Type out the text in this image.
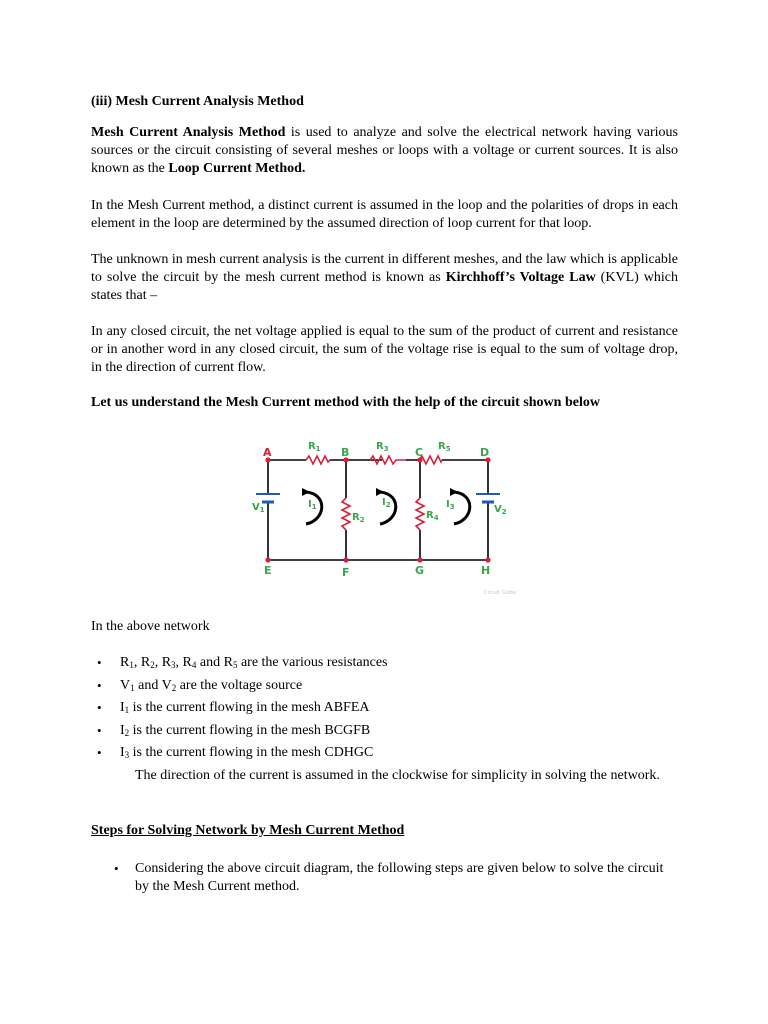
(iii) Mesh Current Analysis Method

Mesh Current Analysis Method is used to analyze and solve the electrical network having various sources or the circuit consisting of several meshes or loops with a voltage or current sources. It is also known as the Loop Current Method.

In the Mesh Current method, a distinct current is assumed in the loop and the polarities of drops in each element in the loop are determined by the assumed direction of loop current for that loop.

The unknown in mesh current analysis is the current in different meshes, and the law which is applicable to solve the circuit by the mesh current method is known as Kirchhoff’s Voltage Law (KVL) which states that –

In any closed circuit, the net voltage applied is equal to the sum of the product of current and resistance or in another word in any closed circuit, the sum of the voltage rise is equal to the sum of voltage drop, in the direction of current flow.

Let us understand the Mesh Current method with the help of the circuit shown below
A	B	C	D
E	F	G	H
$R_1$	$R_3$	$R_5$
$R_2$	$R_4$
$V_1$	$V_2$
$I_1$	$I_2$	$I_3$
Circuit Globe
In the above network
• $R_1$, $R_2$, $R_3$, $R_4$ and $R_5$ are the various resistances
• $V_1$ and $V_2$ are the voltage source
• $I_1$ is the current flowing in the mesh ABFEA
• $I_2$ is the current flowing in the mesh BCGFB
• $I_3$ is the current flowing in the mesh CDHGC

The direction of the current is assumed in the clockwise for simplicity in solving the network.

Steps for Solving Network by Mesh Current Method
• Considering the above circuit diagram, the following steps are given below to solve the circuit by the Mesh Current method.
